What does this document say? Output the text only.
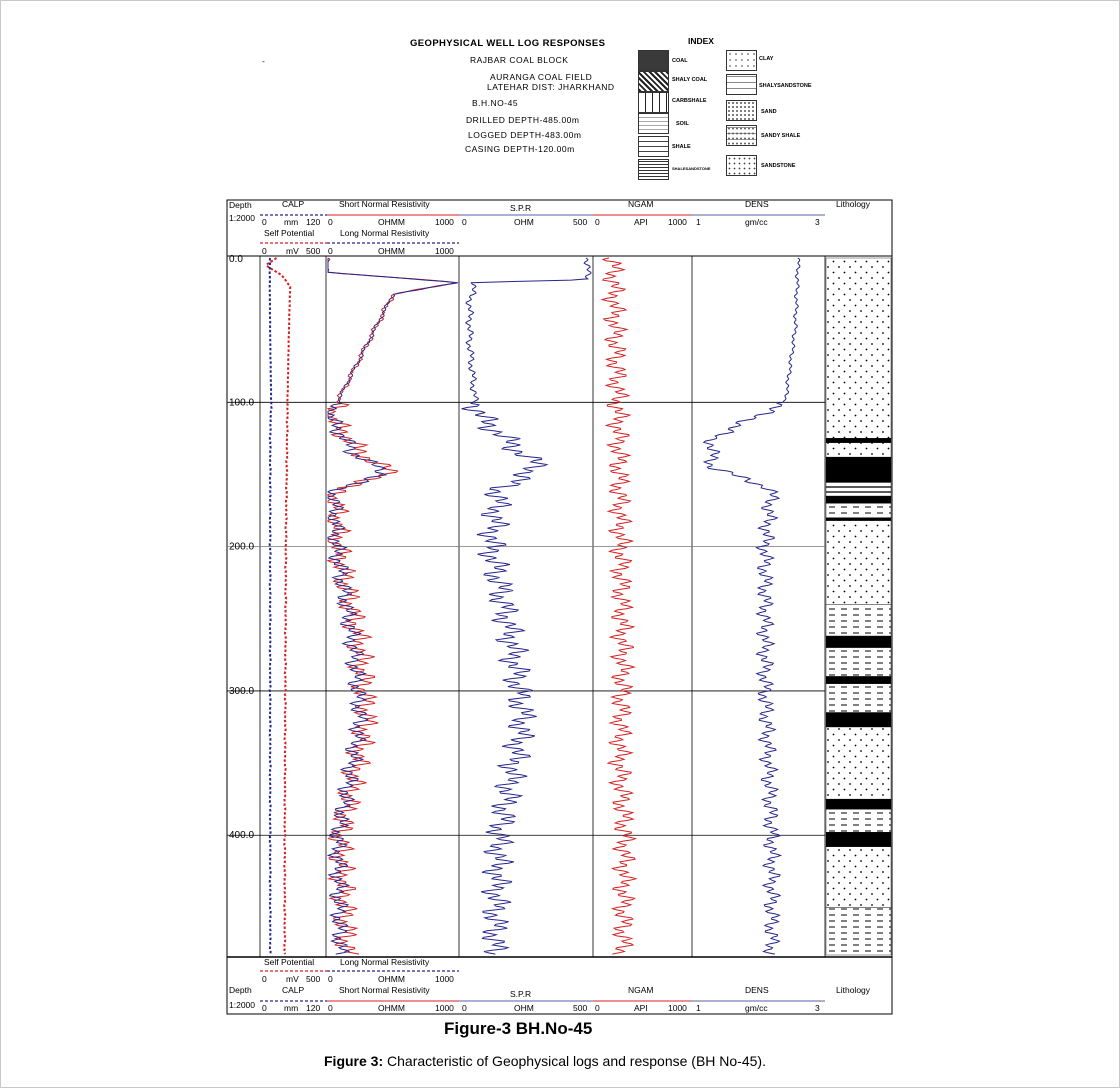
GEOPHYSICAL WELL LOG RESPONSES
-	RAJBAR COAL BLOCK
AURANGA COAL FIELD
LATEHAR DIST: JHARKHAND
B.H.NO-45
DRILLED DEPTH-485.00m
LOGGED DEPTH-483.00m
CASING DEPTH-120.00m
INDEX
COAL
SHALY COAL
CARBSHALE
SOIL
SHALE
SHALESANDSTONE
CLAY
SHALYSANDSTONE
SAND
SANDY SHALE
SANDSTONE
0.0
100.0
200.0
300.0
400.0
Depth
1:2000
CALP
0 mm 120
Self Potential
0 mV 500
Short Normal Resistivity
0	OHMM	1000
Long Normal Resistivity
0	OHMM	1000
S.P.R
0	OHM	500
NGAM
0	API 1000
DENS
1	gm/cc	3
Lithology
Self Potential
0 mV 500
Long Normal Resistivity
0	OHMM	1000
Depth
1:2000
CALP
0 mm 120
Short Normal Resistivity
0	OHMM	1000
S.P.R
0	OHM	500
NGAM
0	API 1000
DENS
1	gm/cc	3
Lithology
Figure-3 BH.No-45
Figure 3: Characteristic of Geophysical logs and response (BH No-45).
